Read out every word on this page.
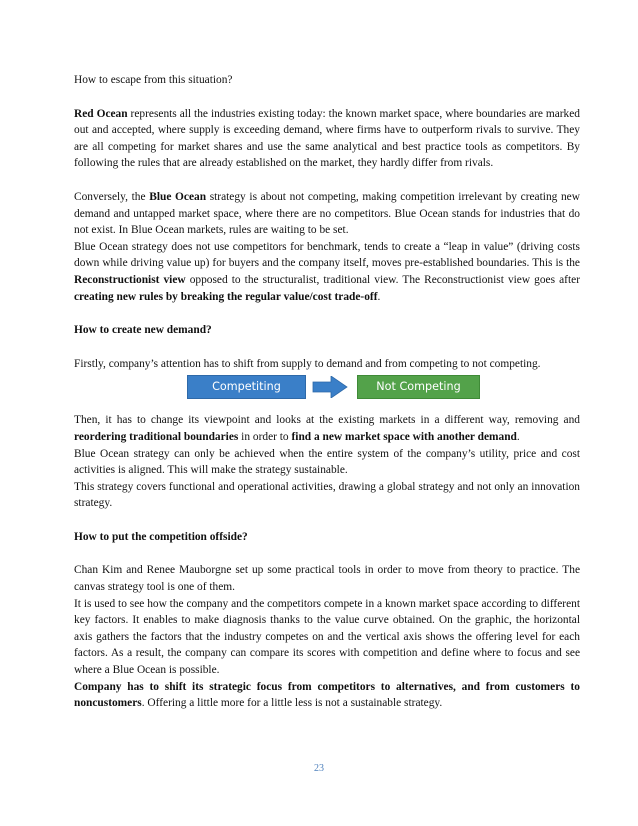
How to escape from this situation?

Red Ocean represents all the industries existing today: the known market space, where boundaries are marked out and accepted, where supply is exceeding demand, where firms have to outperform rivals to survive. They are all competing for market shares and use the same analytical and best practice tools as competitors. By following the rules that are already established on the market, they hardly differ from rivals.

Conversely, the Blue Ocean strategy is about not competing, making competition irrelevant by creating new demand and untapped market space, where there are no competitors. Blue Ocean stands for industries that do not exist. In Blue Ocean markets, rules are waiting to be set.

Blue Ocean strategy does not use competitors for benchmark, tends to create a “leap in value” (driving costs down while driving value up) for buyers and the company itself, moves pre-established boundaries. This is the Reconstructionist view opposed to the structuralist, traditional view. The Reconstructionist view goes after creating new rules by breaking the regular value/cost trade-off.

How to create new demand?

Firstly, company’s attention has to shift from supply to demand and from competing to not competing.

Competiting	Not Competing

Then, it has to change its viewpoint and looks at the existing markets in a different way, removing and reordering traditional boundaries in order to find a new market space with another demand.

Blue Ocean strategy can only be achieved when the entire system of the company’s utility, price and cost activities is aligned. This will make the strategy sustainable.

This strategy covers functional and operational activities, drawing a global strategy and not only an innovation strategy.

How to put the competition offside?

Chan Kim and Renee Mauborgne set up some practical tools in order to move from theory to practice. The canvas strategy tool is one of them.

It is used to see how the company and the competitors compete in a known market space according to different key factors. It enables to make diagnosis thanks to the value curve obtained. On the graphic, the horizontal axis gathers the factors that the industry competes on and the vertical axis shows the offering level for each factors. As a result, the company can compare its scores with competition and define where to focus and see where a Blue Ocean is possible.

Company has to shift its strategic focus from competitors to alternatives, and from customers to noncustomers. Offering a little more for a little less is not a sustainable strategy.

23
